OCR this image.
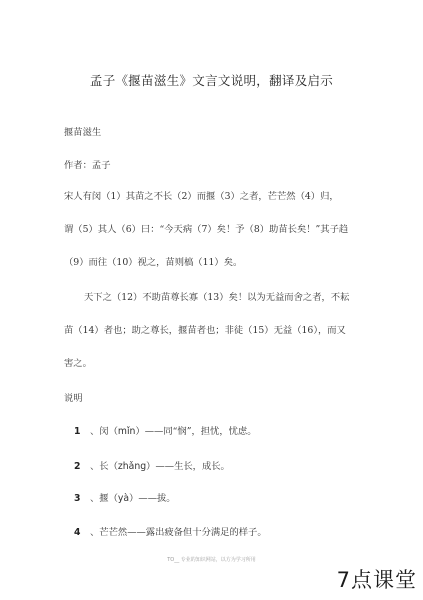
孟子《揠苗滋生》文言文说明，翻译及启示
揠苗滋生
作者：孟子
宋人有闵（1）其苗之不长（2）而揠（3）之者，芒芒然（4）归，
谓（5）其人（6）曰：“今天病（7）矣！予（8）助苗长矣！”其子趋
（9）而往（10）视之，苗则槁（11）矣。
天下之（12）不助苗尊长寡（13）矣！以为无益而舍之者，不耘
苗（14）者也；助之尊长，揠苗者也；非徒（15）无益（16），而又
害之。
说明
1 、闵（mǐn）——同“悯”，担忧，忧虑。
2 、长（zhǎng）——生长，成长。
3 、揠（yà）——拔。
4 、芒芒然——露出疲备但十分满足的样子。
TO__ 专业的知识网站，以方为学习所用
7点课堂
